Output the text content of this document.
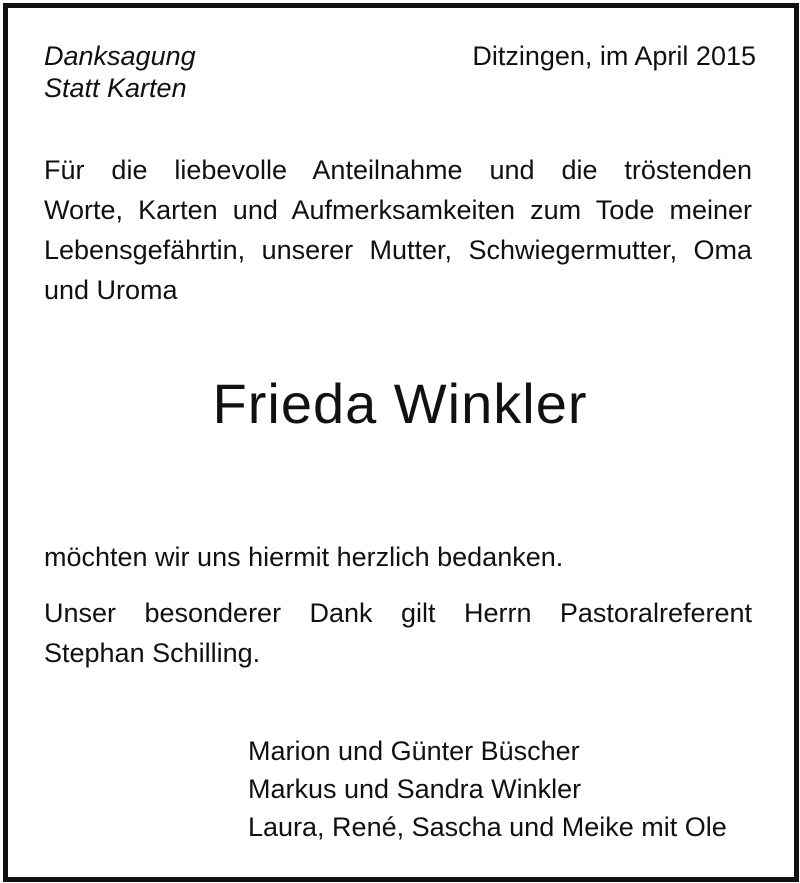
Danksagung
Statt Karten
Ditzingen, im April 2015
Für die liebevolle Anteilnahme und die tröstenden
Worte, Karten und Aufmerksamkeiten zum Tode meiner
Lebensgefährtin, unserer Mutter, Schwiegermutter, Oma
und Uroma
Frieda Winkler
möchten wir uns hiermit herzlich bedanken.
Unser besonderer Dank gilt Herrn Pastoralreferent
Stephan Schilling.
Marion und Günter Büscher
Markus und Sandra Winkler
Laura, René, Sascha und Meike mit Ole
